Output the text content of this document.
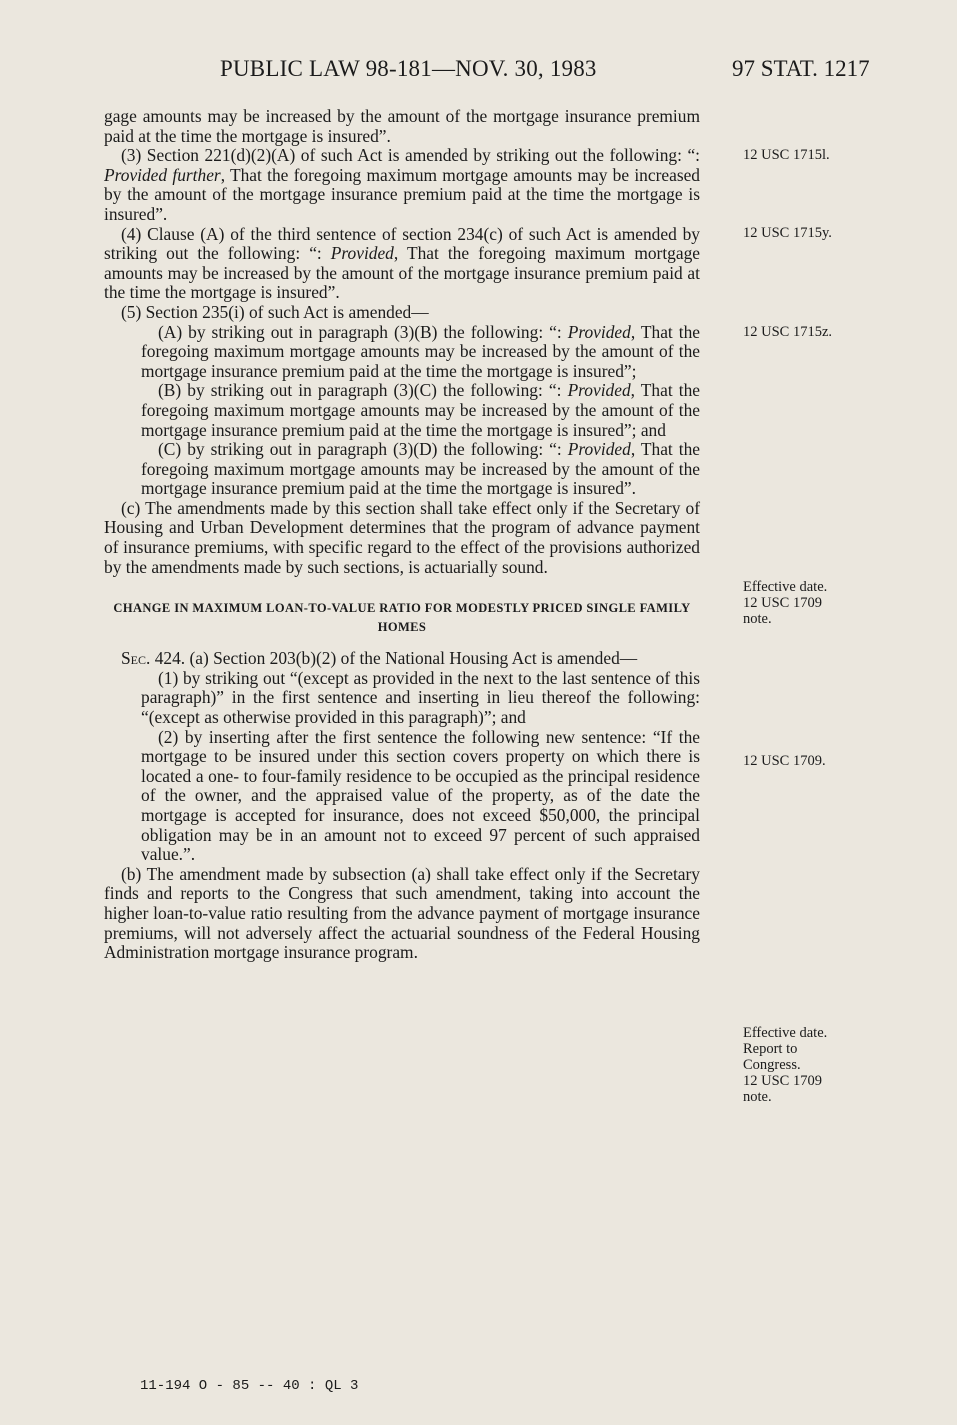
PUBLIC LAW 98-181—NOV. 30, 1983	97 STAT. 1217

gage amounts may be increased by the amount of the mortgage insurance premium paid at the time the mortgage is insured”.

(3) Section 221(d)(2)(A) of such Act is amended by striking out the following: “: Provided further, That the foregoing maximum mortgage amounts may be increased by the amount of the mortgage insurance premium paid at the time the mortgage is insured”.

(4) Clause (A) of the third sentence of section 234(c) of such Act is amended by striking out the following: “: Provided, That the foregoing maximum mortgage amounts may be increased by the amount of the mortgage insurance premium paid at the time the mortgage is insured”.

(5) Section 235(i) of such Act is amended—

(A) by striking out in paragraph (3)(B) the following: “: Provided, That the foregoing maximum mortgage amounts may be increased by the amount of the mortgage insurance premium paid at the time the mortgage is insured”;

(B) by striking out in paragraph (3)(C) the following: “: Provided, That the foregoing maximum mortgage amounts may be increased by the amount of the mortgage insurance premium paid at the time the mortgage is insured”; and

(C) by striking out in paragraph (3)(D) the following: “: Provided, That the foregoing maximum mortgage amounts may be increased by the amount of the mortgage insurance premium paid at the time the mortgage is insured”.

(c) The amendments made by this section shall take effect only if the Secretary of Housing and Urban Development determines that the program of advance payment of insurance premiums, with specific regard to the effect of the provisions authorized by the amendments made by such sections, is actuarially sound.

CHANGE IN MAXIMUM LOAN-TO-VALUE RATIO FOR MODESTLY PRICED SINGLE FAMILY HOMES

Sec. 424. (a) Section 203(b)(2) of the National Housing Act is amended—

(1) by striking out “(except as provided in the next to the last sentence of this paragraph)” in the first sentence and inserting in lieu thereof the following: “(except as otherwise provided in this paragraph)”; and

(2) by inserting after the first sentence the following new sentence: “If the mortgage to be insured under this section covers property on which there is located a one- to four-family residence to be occupied as the principal residence of the owner, and the appraised value of the property, as of the date the mortgage is accepted for insurance, does not exceed $50,000, the principal obligation may be in an amount not to exceed 97 percent of such appraised value.”.

(b) The amendment made by subsection (a) shall take effect only if the Secretary finds and reports to the Congress that such amendment, taking into account the higher loan-to-value ratio resulting from the advance payment of mortgage insurance premiums, will not adversely affect the actuarial soundness of the Federal Housing Administration mortgage insurance program.

12 USC 1715l.
12 USC 1715y.
12 USC 1715z.
Effective date.
12 USC 1709
note.
12 USC 1709.
Effective date.
Report to
Congress.
12 USC 1709
note.
11-194 O - 85 -- 40 : QL 3
